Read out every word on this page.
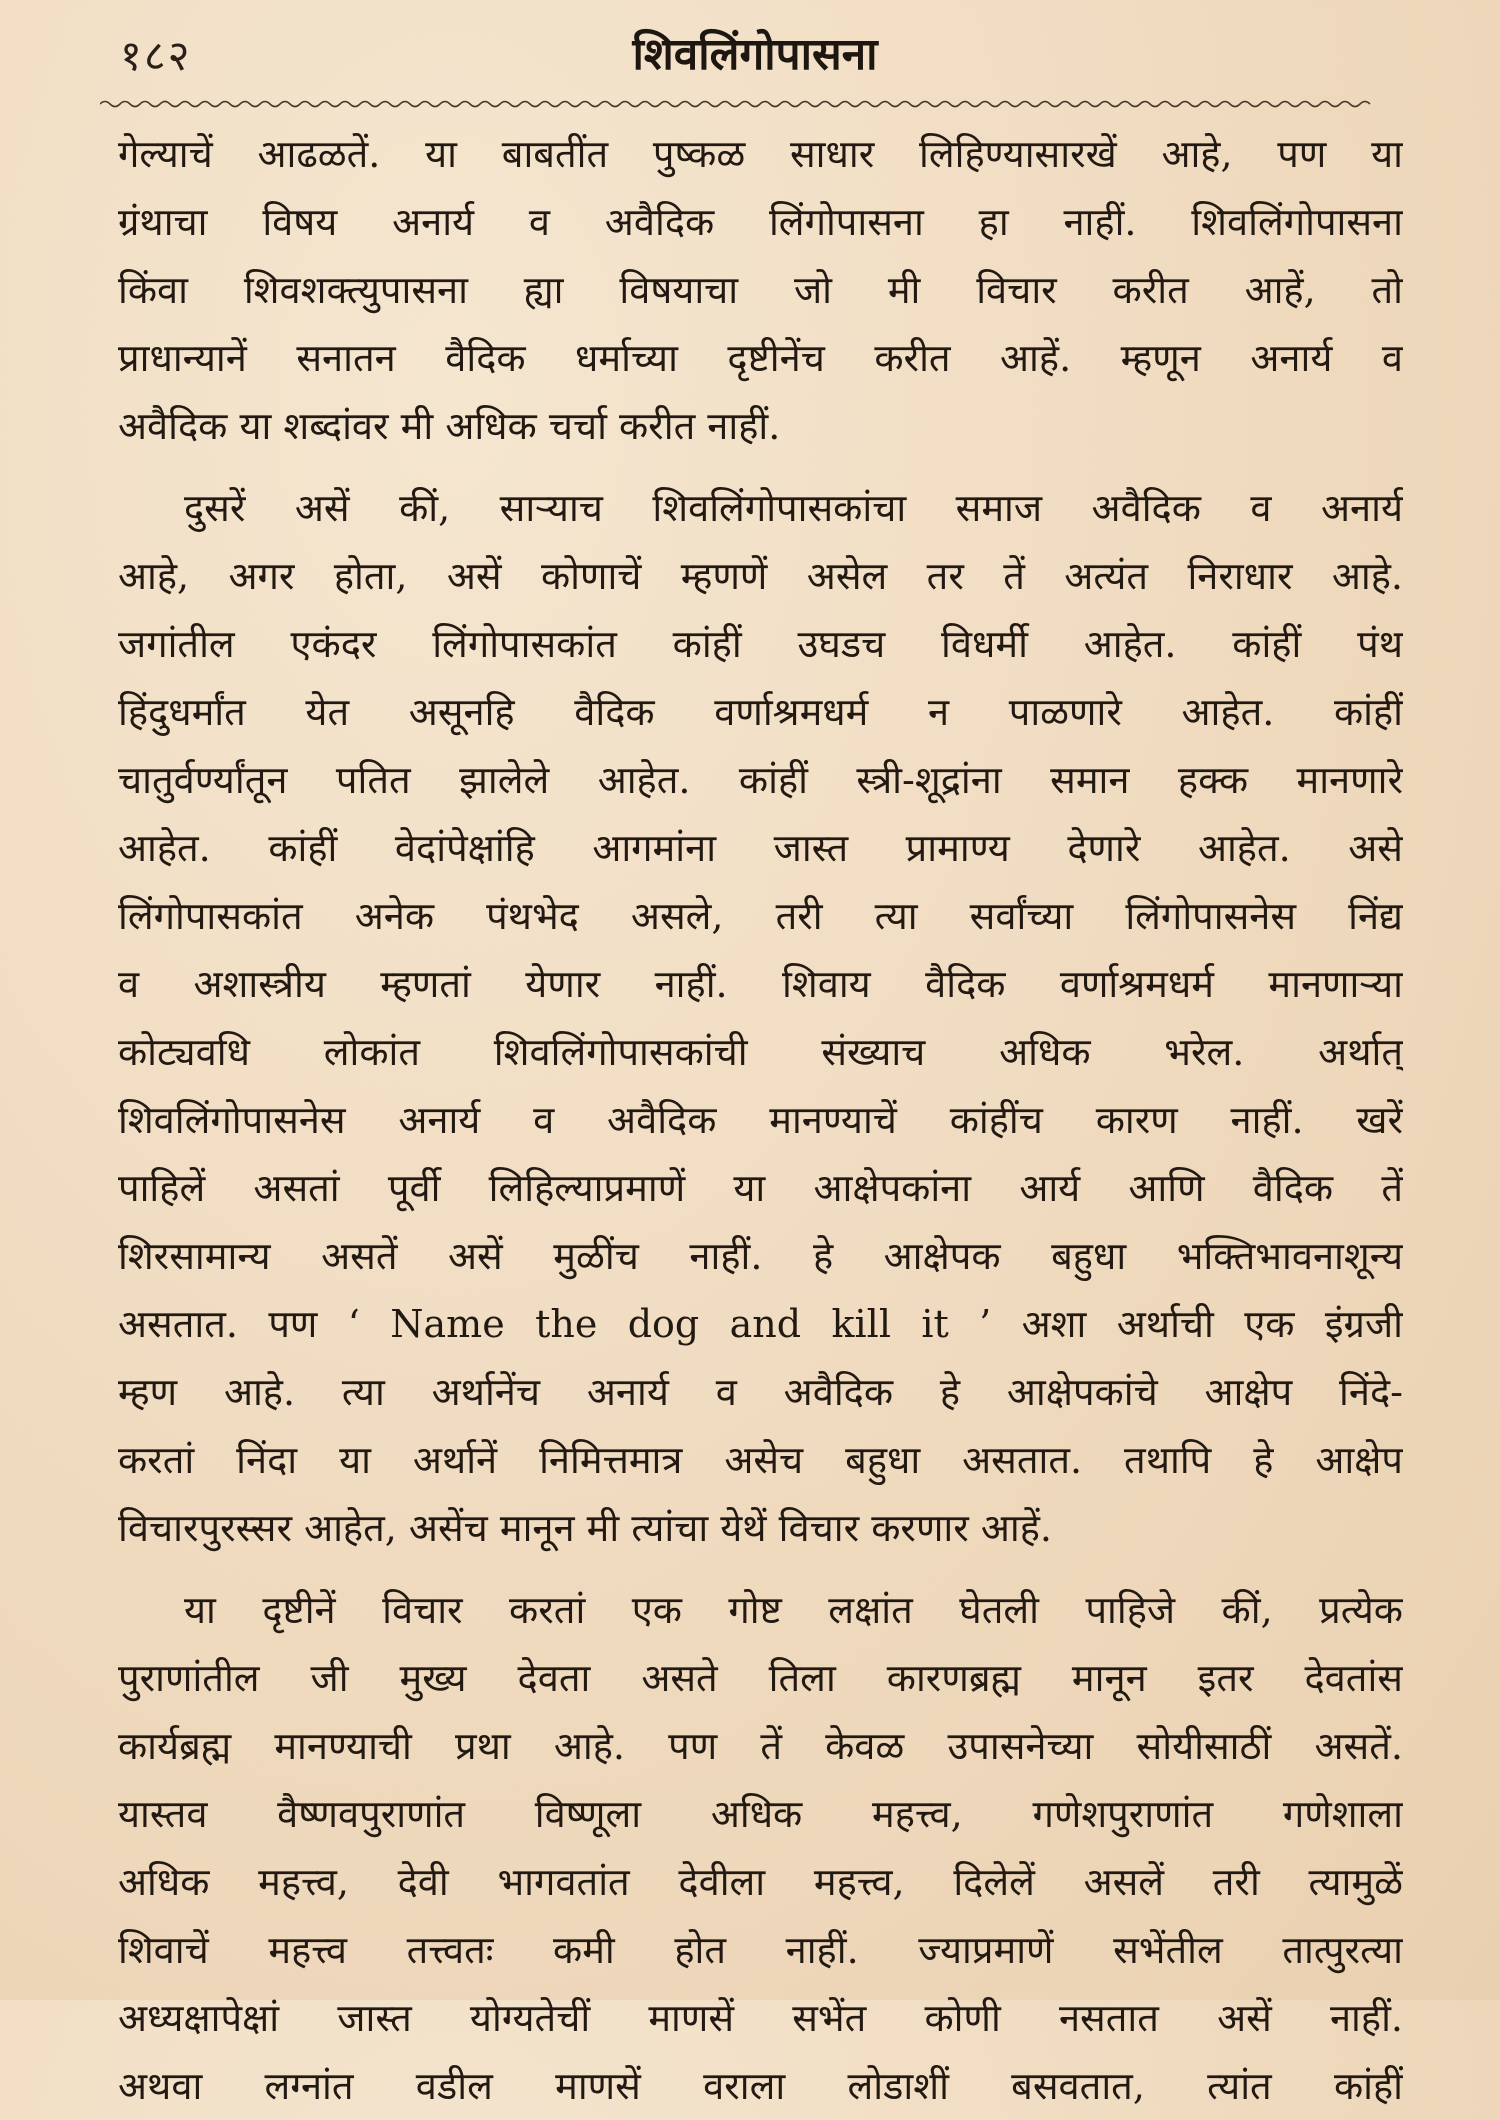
१८२	शिवलिंगोपासना
गेल्याचें आढळतें. या बाबतींत पुष्कळ साधार लिहिण्यासारखें आहे, पण या
ग्रंथाचा विषय अनार्य व अवैदिक लिंगोपासना हा नाहीं. शिवलिंगोपासना
किंवा शिवशक्त्युपासना ह्या विषयाचा जो मी विचार करीत आहें, तो
प्राधान्यानें सनातन वैदिक धर्माच्या दृष्टीनेंच करीत आहें. म्हणून अनार्य व
अवैदिक या शब्दांवर मी अधिक चर्चा करीत नाहीं.
दुसरें असें कीं, साऱ्याच शिवलिंगोपासकांचा समाज अवैदिक व अनार्य
आहे, अगर होता, असें कोणाचें म्हणणें असेल तर तें अत्यंत निराधार आहे.
जगांतील एकंदर लिंगोपासकांत कांहीं उघडच विधर्मी आहेत. कांहीं पंथ
हिंदुधर्मांत येत असूनहि वैदिक वर्णाश्रमधर्म न पाळणारे आहेत. कांहीं
चातुर्वर्ण्यांतून पतित झालेले आहेत. कांहीं स्त्री-शूद्रांना समान हक्क मानणारे
आहेत. कांहीं वेदांपेक्षांहि आगमांना जास्त प्रामाण्य देणारे आहेत. असे
लिंगोपासकांत अनेक पंथभेद असले, तरी त्या सर्वांच्या लिंगोपासनेस निंद्य
व अशास्त्रीय म्हणतां येणार नाहीं. शिवाय वैदिक वर्णाश्रमधर्म मानणाऱ्या
कोट्यवधि लोकांत शिवलिंगोपासकांची संख्याच अधिक भरेल. अर्थात्
शिवलिंगोपासनेस अनार्य व अवैदिक मानण्याचें कांहींच कारण नाहीं. खरें
पाहिलें असतां पूर्वी लिहिल्याप्रमाणें या आक्षेपकांना आर्य आणि वैदिक तें
शिरसामान्य असतें असें मुळींच नाहीं. हे आक्षेपक बहुधा भक्तिभावनाशून्य
असतात. पण ‘ Name the dog and kill it ’ अशा अर्थाची एक इंग्रजी
म्हण आहे. त्या अर्थानेंच अनार्य व अवैदिक हे आक्षेपकांचे आक्षेप निंदे-
करतां निंदा या अर्थानें निमित्तमात्र असेच बहुधा असतात. तथापि हे आक्षेप
विचारपुरस्सर आहेत, असेंच मानून मी त्यांचा येथें विचार करणार आहें.
या दृष्टीनें विचार करतां एक गोष्ट लक्षांत घेतली पाहिजे कीं, प्रत्येक
पुराणांतील जी मुख्य देवता असते तिला कारणब्रह्म मानून इतर देवतांस
कार्यब्रह्म मानण्याची प्रथा आहे. पण तें केवळ उपासनेच्या सोयीसाठीं असतें.
यास्तव वैष्णवपुराणांत विष्णूला अधिक महत्त्व, गणेशपुराणांत गणेशाला
अधिक महत्त्व, देवी भागवतांत देवीला महत्त्व, दिलेलें असलें तरी त्यामुळें
शिवाचें महत्त्व तत्त्वतः कमी होत नाहीं. ज्याप्रमाणें सभेंतील तात्पुरत्या
अध्यक्षापेक्षां जास्त योग्यतेचीं माणसें सभेंत कोणी नसतात असें नाहीं.
अथवा लग्नांत वडील माणसें वराला लोडाशीं बसवतात, त्यांत कांहीं
